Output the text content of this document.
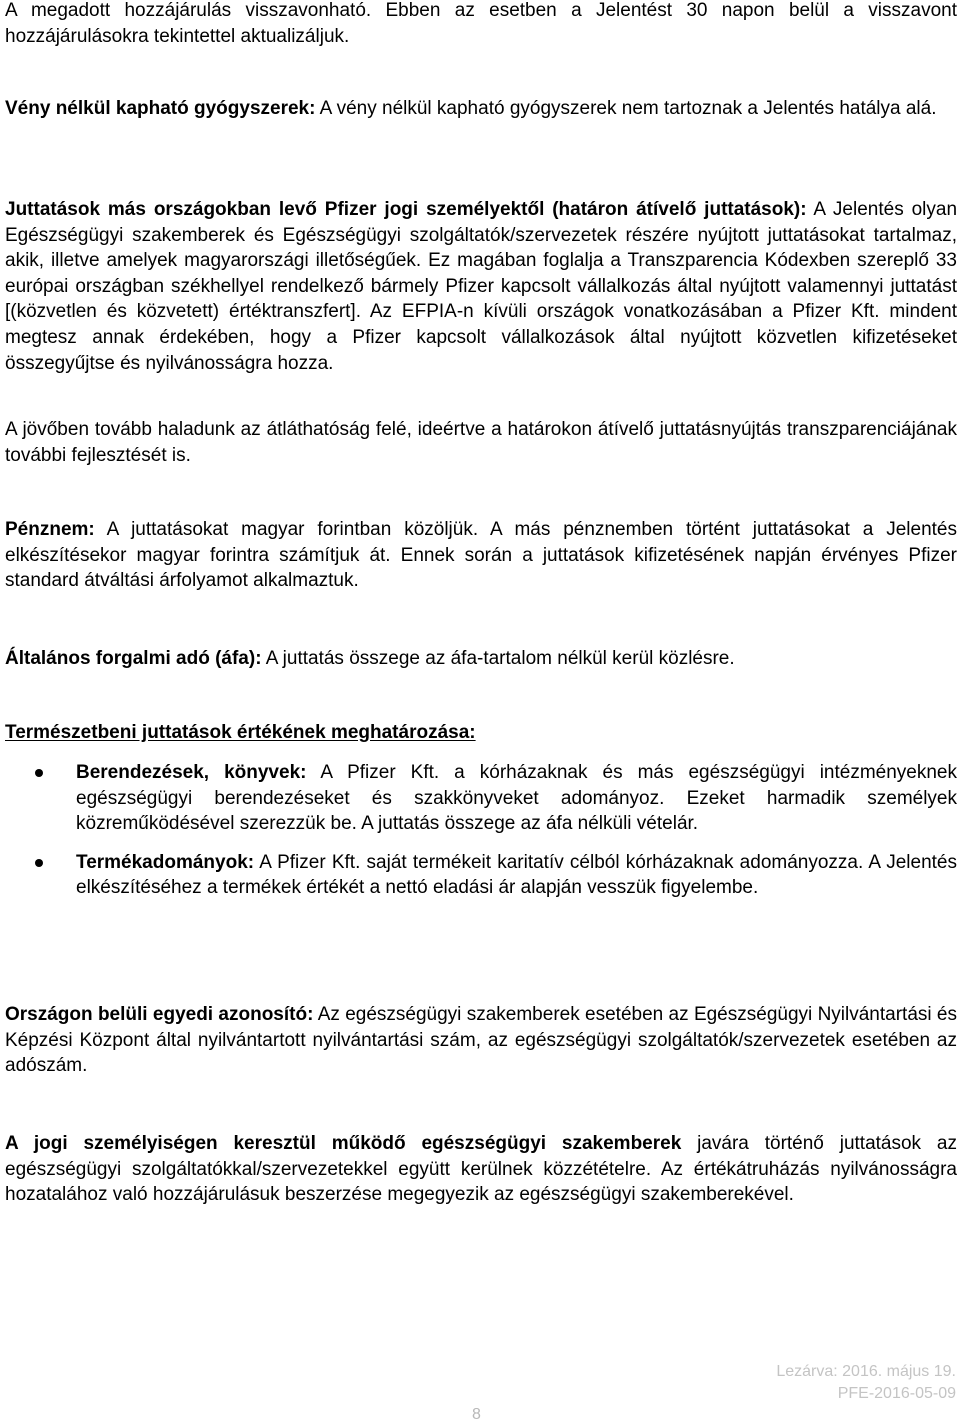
A megadott hozzájárulás visszavonható. Ebben az esetben a Jelentést 30 napon belül a visszavont hozzájárulásokra tekintettel aktualizáljuk.

Vény nélkül kapható gyógyszerek: A vény nélkül kapható gyógyszerek nem tartoznak a Jelentés hatálya alá.

Juttatások más országokban levő Pfizer jogi személyektől (határon átívelő juttatások): A Jelentés olyan Egészségügyi szakemberek és Egészségügyi szolgáltatók/szervezetek részére nyújtott juttatásokat tartalmaz, akik, illetve amelyek magyarországi illetőségűek. Ez magában foglalja a Transzparencia Kódexben szereplő 33 európai országban székhellyel rendelkező bármely Pfizer kapcsolt vállalkozás által nyújtott valamennyi juttatást [(közvetlen és közvetett) értéktranszfert]. Az EFPIA-n kívüli országok vonatkozásában a Pfizer Kft. mindent megtesz annak érdekében, hogy a Pfizer kapcsolt vállalkozások által nyújtott közvetlen kifizetéseket összegyűjtse és nyilvánosságra hozza.

A jövőben tovább haladunk az átláthatóság felé, ideértve a határokon átívelő juttatásnyújtás transzparenciájának további fejlesztését is.

Pénznem: A juttatásokat magyar forintban közöljük. A más pénznemben történt juttatásokat a Jelentés elkészítésekor magyar forintra számítjuk át. Ennek során a juttatások kifizetésének napján érvényes Pfizer standard átváltási árfolyamot alkalmaztuk.

Általános forgalmi adó (áfa): A juttatás összege az áfa-tartalom nélkül kerül közlésre.

Természetbeni juttatások értékének meghatározása:

Berendezések, könyvek: A Pfizer Kft. a kórházaknak és más egészségügyi intézményeknek egészségügyi berendezéseket és szakkönyveket adományoz. Ezeket harmadik személyek közreműködésével szerezzük be. A juttatás összege az áfa nélküli vételár.
Termékadományok: A Pfizer Kft. saját termékeit karitatív célból kórházaknak adományozza. A Jelentés elkészítéséhez a termékek értékét a nettó eladási ár alapján vesszük figyelembe.

Országon belüli egyedi azonosító: Az egészségügyi szakemberek esetében az Egészségügyi Nyilvántartási és Képzési Központ által nyilvántartott nyilvántartási szám, az egészségügyi szolgáltatók/szervezetek esetében az adószám.

A jogi személyiségen keresztül működő egészségügyi szakemberek javára történő juttatások az egészségügyi szolgáltatókkal/szervezetekkel együtt kerülnek közzétételre. Az értékátruházás nyilvánosságra hozatalához való hozzájárulásuk beszerzése megegyezik az egészségügyi szakemberekével.

Lezárva: 2016. május 19.
PFE-2016-05-09
8
